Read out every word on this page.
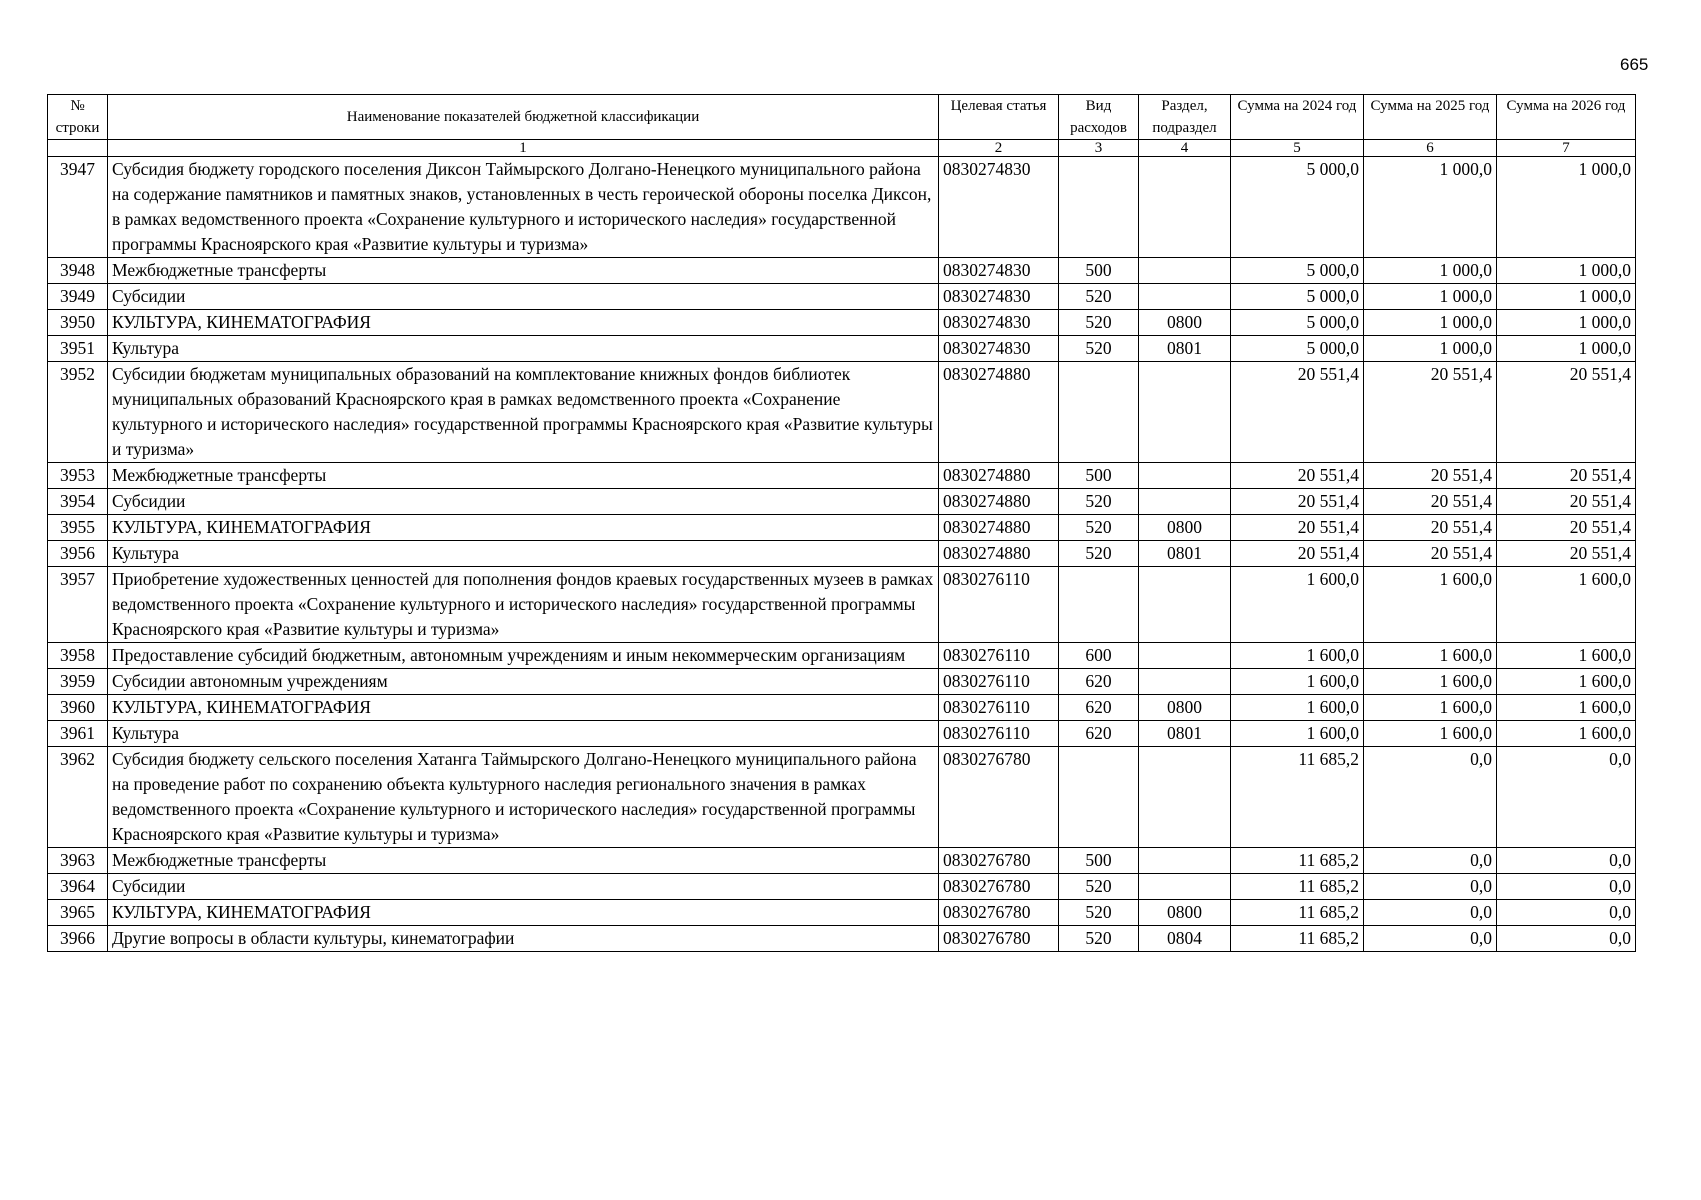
665
№ строки	Наименование показателей бюджетной классификации	Целевая статья	Вид расходов	Раздел, подраздел	Сумма на 2024 год	Сумма на 2025 год	Сумма на 2026 год
	1	2	3	4	5	6	7
3947	Субсидия бюджету городского поселения Диксон Таймырского Долгано-Ненецкого муниципального района на содержание памятников и памятных знаков, установленных в честь героической обороны поселка Диксон, в рамках ведомственного проекта «Сохранение культурного и исторического наследия» государственной программы Красноярского края «Развитие культуры и туризма»	0830274830			5 000,0	1 000,0	1 000,0
3948	Межбюджетные трансферты	0830274830	500		5 000,0	1 000,0	1 000,0
3949	Субсидии	0830274830	520		5 000,0	1 000,0	1 000,0
3950	КУЛЬТУРА, КИНЕМАТОГРАФИЯ	0830274830	520	0800	5 000,0	1 000,0	1 000,0
3951	Культура	0830274830	520	0801	5 000,0	1 000,0	1 000,0
3952	Субсидии бюджетам муниципальных образований на комплектование книжных фондов библиотек муниципальных образований Красноярского края в рамках ведомственного проекта «Сохранение культурного и исторического наследия» государственной программы Красноярского края «Развитие культуры и туризма»	0830274880			20 551,4	20 551,4	20 551,4
3953	Межбюджетные трансферты	0830274880	500		20 551,4	20 551,4	20 551,4
3954	Субсидии	0830274880	520		20 551,4	20 551,4	20 551,4
3955	КУЛЬТУРА, КИНЕМАТОГРАФИЯ	0830274880	520	0800	20 551,4	20 551,4	20 551,4
3956	Культура	0830274880	520	0801	20 551,4	20 551,4	20 551,4
3957	Приобретение художественных ценностей для пополнения фондов краевых государственных музеев в рамках ведомственного проекта «Сохранение культурного и исторического наследия» государственной программы Красноярского края «Развитие культуры и туризма»	0830276110			1 600,0	1 600,0	1 600,0
3958	Предоставление субсидий бюджетным, автономным учреждениям и иным некоммерческим организациям	0830276110	600		1 600,0	1 600,0	1 600,0
3959	Субсидии автономным учреждениям	0830276110	620		1 600,0	1 600,0	1 600,0
3960	КУЛЬТУРА, КИНЕМАТОГРАФИЯ	0830276110	620	0800	1 600,0	1 600,0	1 600,0
3961	Культура	0830276110	620	0801	1 600,0	1 600,0	1 600,0
3962	Субсидия бюджету сельского поселения Хатанга Таймырского Долгано-Ненецкого муниципального района на проведение работ по сохранению объекта культурного наследия регионального значения в рамках ведомственного проекта «Сохранение культурного и исторического наследия» государственной программы Красноярского края «Развитие культуры и туризма»	0830276780			11 685,2	0,0	0,0
3963	Межбюджетные трансферты	0830276780	500		11 685,2	0,0	0,0
3964	Субсидии	0830276780	520		11 685,2	0,0	0,0
3965	КУЛЬТУРА, КИНЕМАТОГРАФИЯ	0830276780	520	0800	11 685,2	0,0	0,0
3966	Другие вопросы в области культуры, кинематографии	0830276780	520	0804	11 685,2	0,0	0,0
